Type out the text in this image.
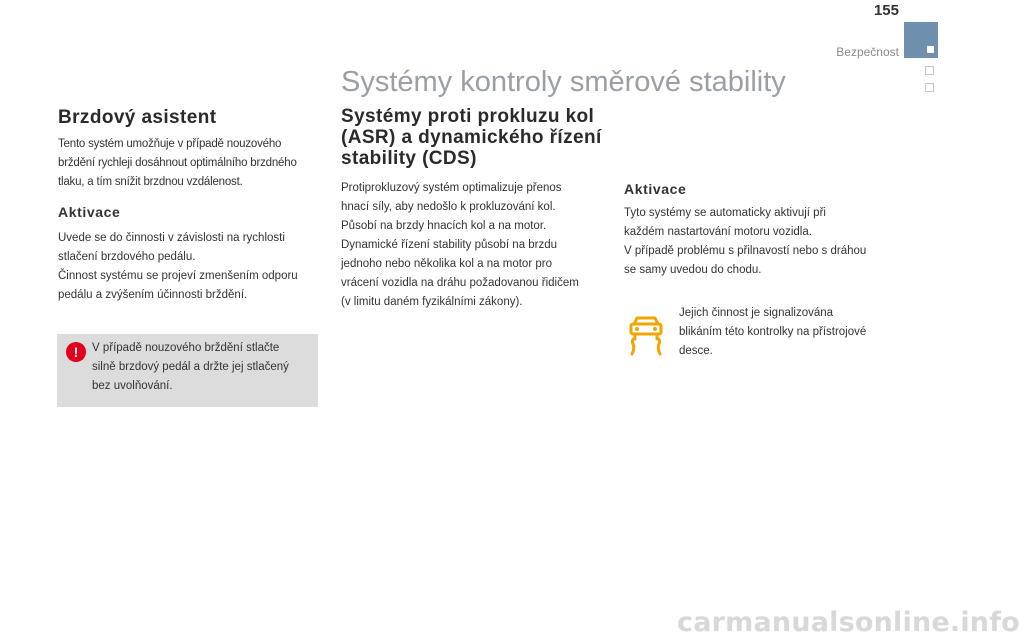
155
Bezpečnost
Systémy kontroly směrové stability
Brzdový asistent
Tento systém umožňuje v případě nouzového
brždění rychleji dosáhnout optimálního brzdného
tlaku, a tím snížit brzdnou vzdálenost.
Aktivace
Uvede se do činnosti v závislosti na rychlosti
stlačení brzdového pedálu.
Činnost systému se projeví zmenšením odporu
pedálu a zvýšením účinnosti brždění.
!	V případě nouzového brždění stlačte
silně brzdový pedál a držte jej stlačený
bez uvolňování.
Systémy proti prokluzu kol
(ASR) a dynamického řízení
stability (CDS)
Protiprokluzový systém optimalizuje přenos
hnací síly, aby nedošlo k prokluzování kol.
Působí na brzdy hnacích kol a na motor.
Dynamické řízení stability působí na brzdu
jednoho nebo několika kol a na motor pro
vrácení vozidla na dráhu požadovanou řidičem
(v limitu daném fyzikálními zákony).
Aktivace
Tyto systémy se automaticky aktivují při
každém nastartování motoru vozidla.
V případě problému s přilnavostí nebo s dráhou
se samy uvedou do chodu.
Jejich činnost je signalizována
blikáním této kontrolky na přístrojové
desce.
carmanualsonline.info
